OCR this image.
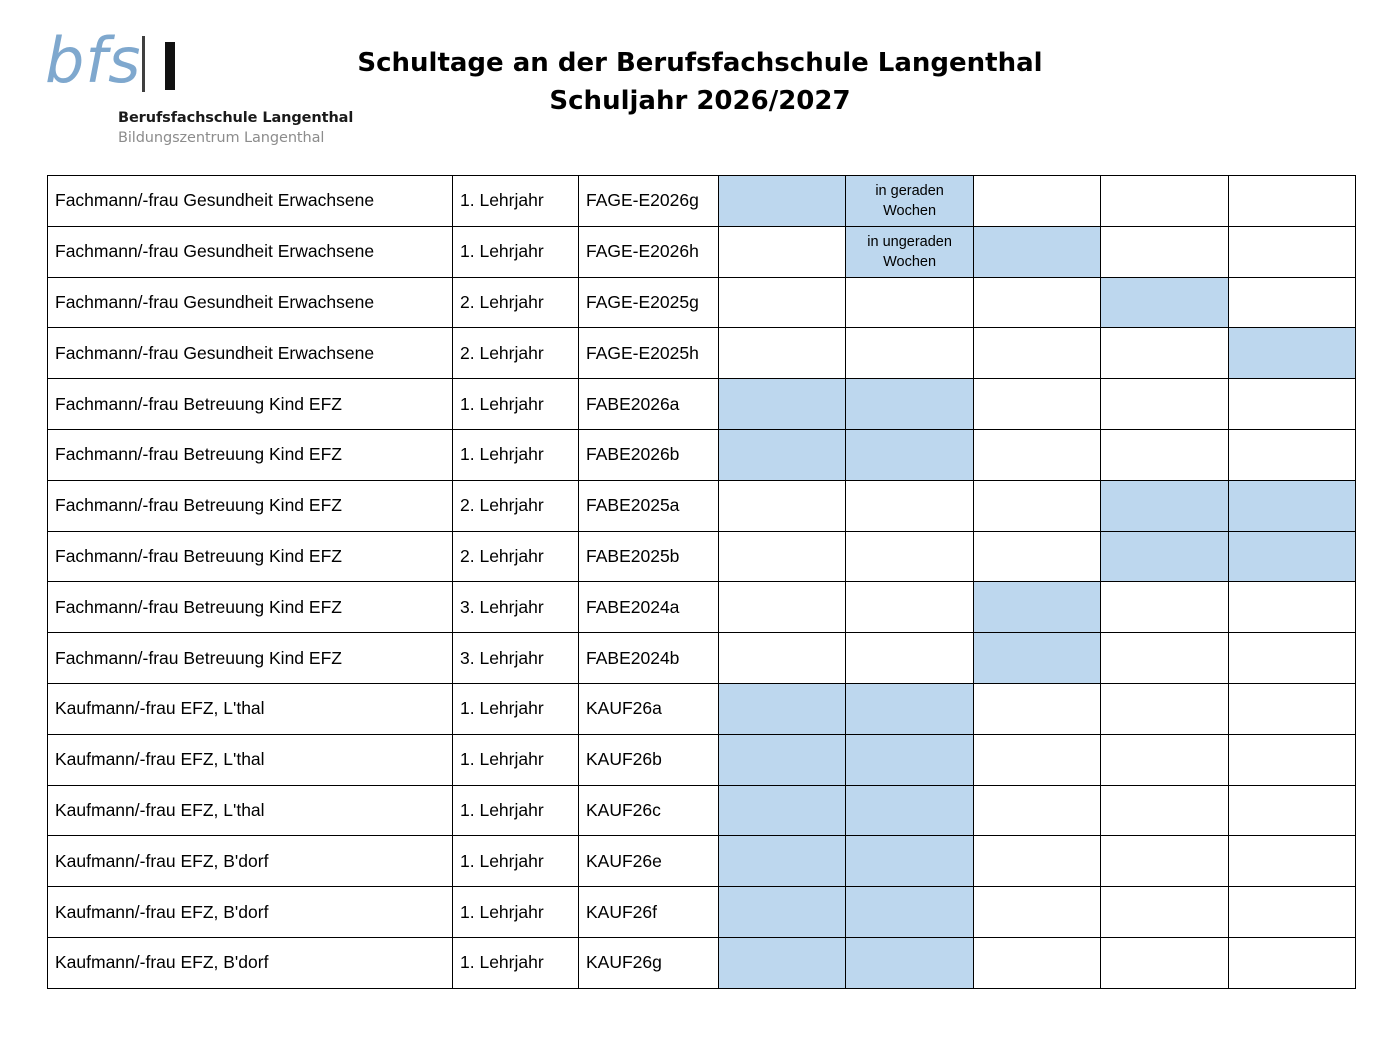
bfs
Berufsfachschule Langenthal
Bildungszentrum Langenthal
Schultage an der Berufsfachschule Langenthal
Schuljahr 2026/2027
Fachmann/-frau Gesundheit Erwachsene	1. Lehrjahr	FAGE-E2026g		in geraden Wochen			

Fachmann/-frau Gesundheit Erwachsene	1. Lehrjahr	FAGE-E2026h		in ungeraden Wochen			

Fachmann/-frau Gesundheit Erwachsene	2. Lehrjahr	FAGE-E2025g					
Fachmann/-frau Gesundheit Erwachsene	2. Lehrjahr	FAGE-E2025h					
Fachmann/-frau Betreuung Kind EFZ	1. Lehrjahr	FABE2026a					
Fachmann/-frau Betreuung Kind EFZ	1. Lehrjahr	FABE2026b					
Fachmann/-frau Betreuung Kind EFZ	2. Lehrjahr	FABE2025a					
Fachmann/-frau Betreuung Kind EFZ	2. Lehrjahr	FABE2025b					
Fachmann/-frau Betreuung Kind EFZ	3. Lehrjahr	FABE2024a					
Fachmann/-frau Betreuung Kind EFZ	3. Lehrjahr	FABE2024b					
Kaufmann/-frau EFZ, L'thal	1. Lehrjahr	KAUF26a					
Kaufmann/-frau EFZ, L'thal	1. Lehrjahr	KAUF26b					
Kaufmann/-frau EFZ, L'thal	1. Lehrjahr	KAUF26c					
Kaufmann/-frau EFZ, B'dorf	1. Lehrjahr	KAUF26e					
Kaufmann/-frau EFZ, B'dorf	1. Lehrjahr	KAUF26f					
Kaufmann/-frau EFZ, B'dorf	1. Lehrjahr	KAUF26g					
